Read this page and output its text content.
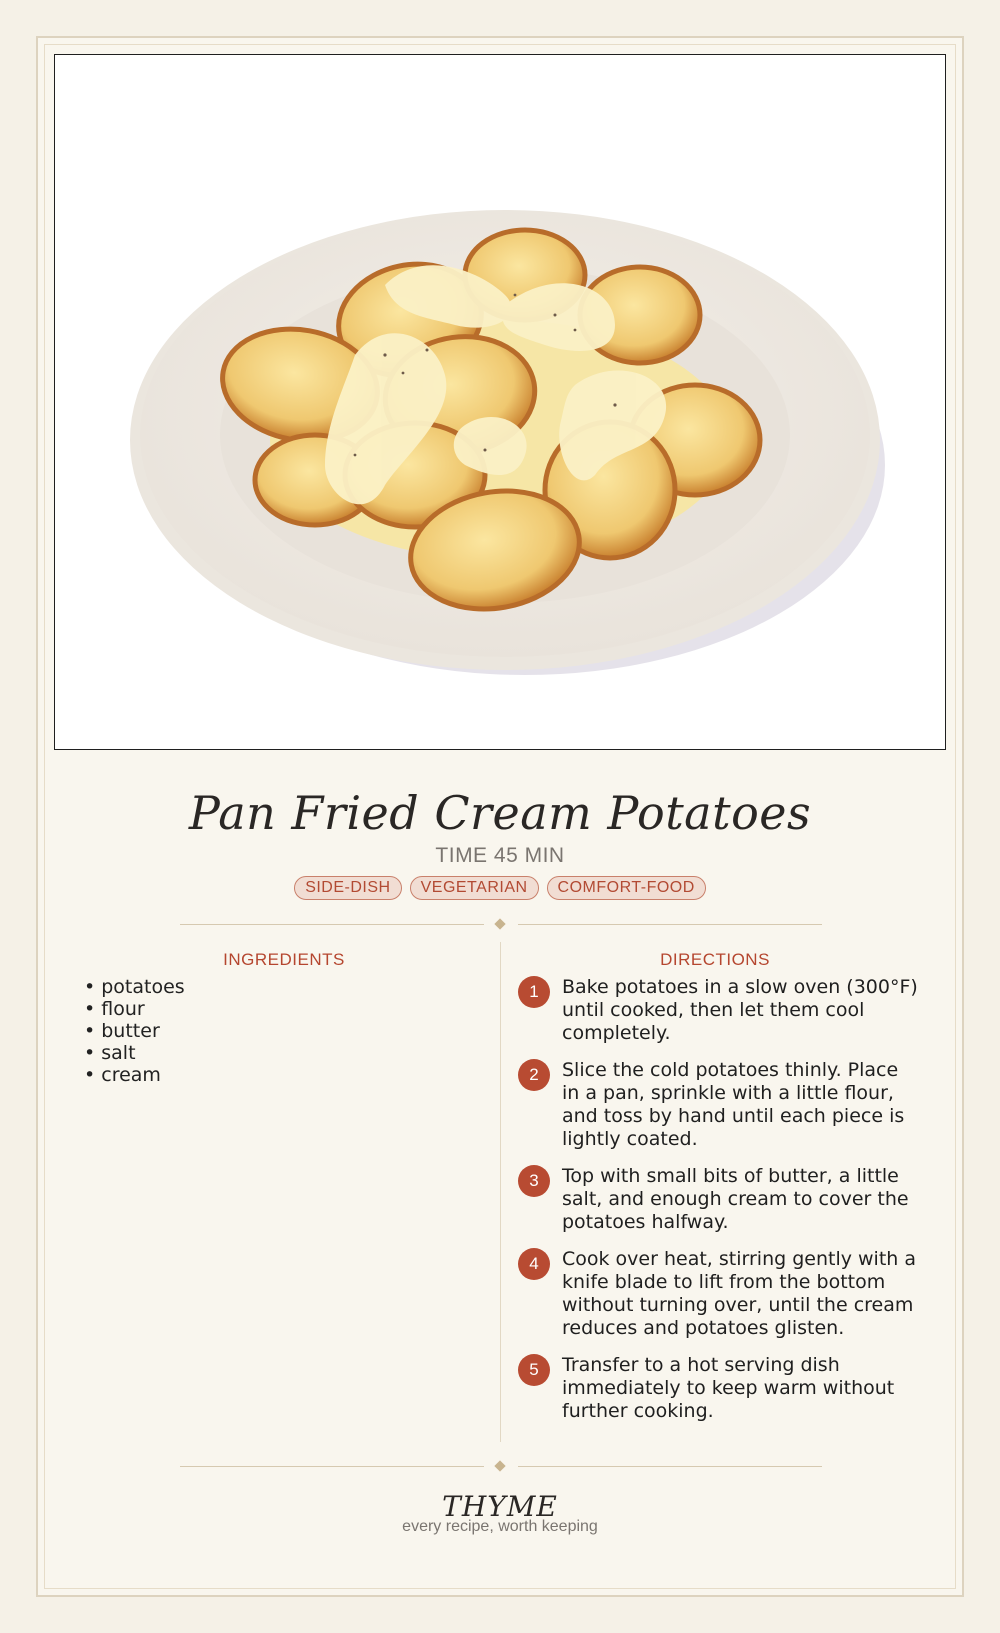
Pan Fried Cream Potatoes
TIME 45 MIN
SIDE-DISH VEGETARIAN COMFORT-FOOD
INGREDIENTS
• potatoes
• flour
• butter
• salt
• cream
DIRECTIONS
1	Bake potatoes in a slow oven (300°F) until cooked, then let them cool completely.
2	Slice the cold potatoes thinly. Place in a pan, sprinkle with a little flour, and toss by hand until each piece is lightly coated.
3	Top with small bits of butter, a little salt, and enough cream to cover the potatoes halfway.
4	Cook over heat, stirring gently with a knife blade to lift from the bottom without turning over, until the cream reduces and potatoes glisten.
5	Transfer to a hot serving dish immediately to keep warm without further cooking.
THYME
every recipe, worth keeping
